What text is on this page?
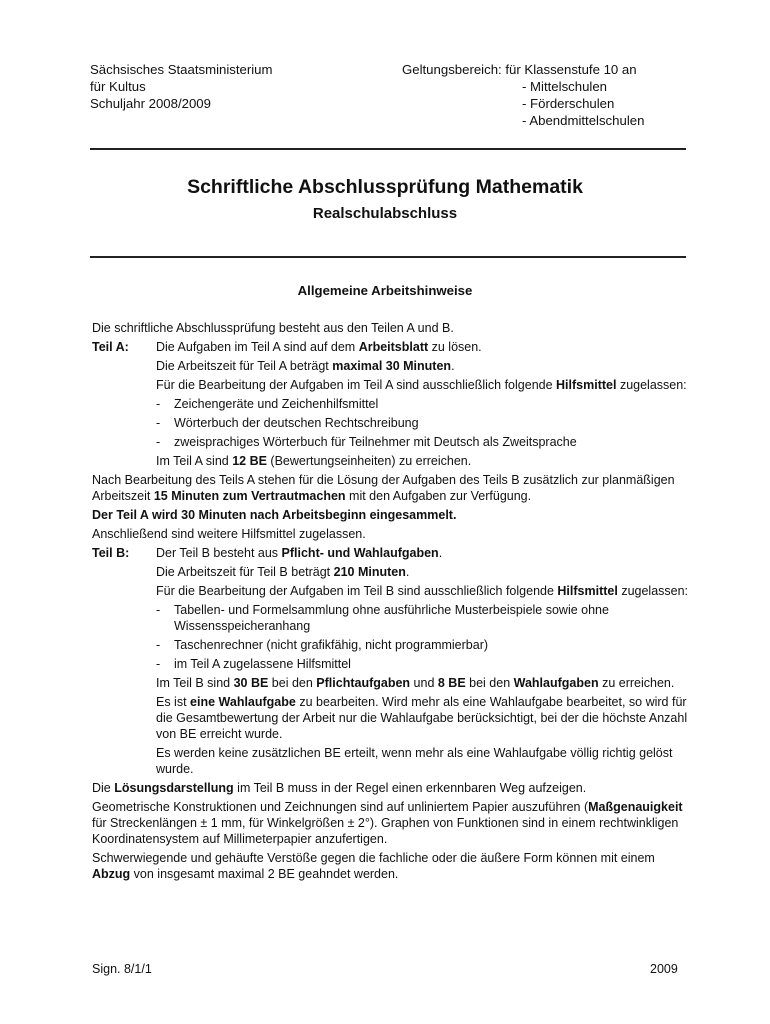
Sächsisches Staatsministerium
für Kultus
Schuljahr 2008/2009
Geltungsbereich: für Klassenstufe 10 an
- Mittelschulen
- Förderschulen
- Abendmittelschulen
Schriftliche Abschlussprüfung Mathematik
Realschulabschluss
Allgemeine Arbeitshinweise

Die schriftliche Abschlussprüfung besteht aus den Teilen A und B.

Teil A:	Die Aufgaben im Teil A sind auf dem Arbeitsblatt zu lösen.
Die Arbeitszeit für Teil A beträgt maximal 30 Minuten.
Für die Bearbeitung der Aufgaben im Teil A sind ausschließlich folgende Hilfsmittel zugelassen:
-	Zeichengeräte und Zeichenhilfsmittel
-	Wörterbuch der deutschen Rechtschreibung
-	zweisprachiges Wörterbuch für Teilnehmer mit Deutsch als Zweitsprache
Im Teil A sind 12 BE (Bewertungseinheiten) zu erreichen.

Nach Bearbeitung des Teils A stehen für die Lösung der Aufgaben des Teils B zusätzlich zur planmäßigen Arbeitszeit 15 Minuten zum Vertrautmachen mit den Aufgaben zur Verfügung.

Der Teil A wird 30 Minuten nach Arbeitsbeginn eingesammelt.

Anschließend sind weitere Hilfsmittel zugelassen.

Teil B:	Der Teil B besteht aus Pflicht- und Wahlaufgaben.
Die Arbeitszeit für Teil B beträgt 210 Minuten.
Für die Bearbeitung der Aufgaben im Teil B sind ausschließlich folgende Hilfsmittel zugelassen:
-	Tabellen- und Formelsammlung ohne ausführliche Musterbeispiele sowie ohne Wissensspeicheranhang
-	Taschenrechner (nicht grafikfähig, nicht programmierbar)
-	im Teil A zugelassene Hilfsmittel
Im Teil B sind 30 BE bei den Pflichtaufgaben und 8 BE bei den Wahlaufgaben zu erreichen.
Es ist eine Wahlaufgabe zu bearbeiten. Wird mehr als eine Wahlaufgabe bearbeitet, so wird für die Gesamtbewertung der Arbeit nur die Wahlaufgabe berücksichtigt, bei der die höchste Anzahl von BE erreicht wurde.
Es werden keine zusätzlichen BE erteilt, wenn mehr als eine Wahlaufgabe völlig richtig gelöst wurde.

Die Lösungsdarstellung im Teil B muss in der Regel einen erkennbaren Weg aufzeigen.

Geometrische Konstruktionen und Zeichnungen sind auf unliniertem Papier auszuführen (Maßgenauigkeit für Streckenlängen ± 1 mm, für Winkelgrößen ± 2°). Graphen von Funktionen sind in einem rechtwinkligen Koordinatensystem auf Millimeterpapier anzufertigen.

Schwerwiegende und gehäufte Verstöße gegen die fachliche oder die äußere Form können mit einem Abzug von insgesamt maximal 2 BE geahndet werden.

Sign. 8/1/1	2009
